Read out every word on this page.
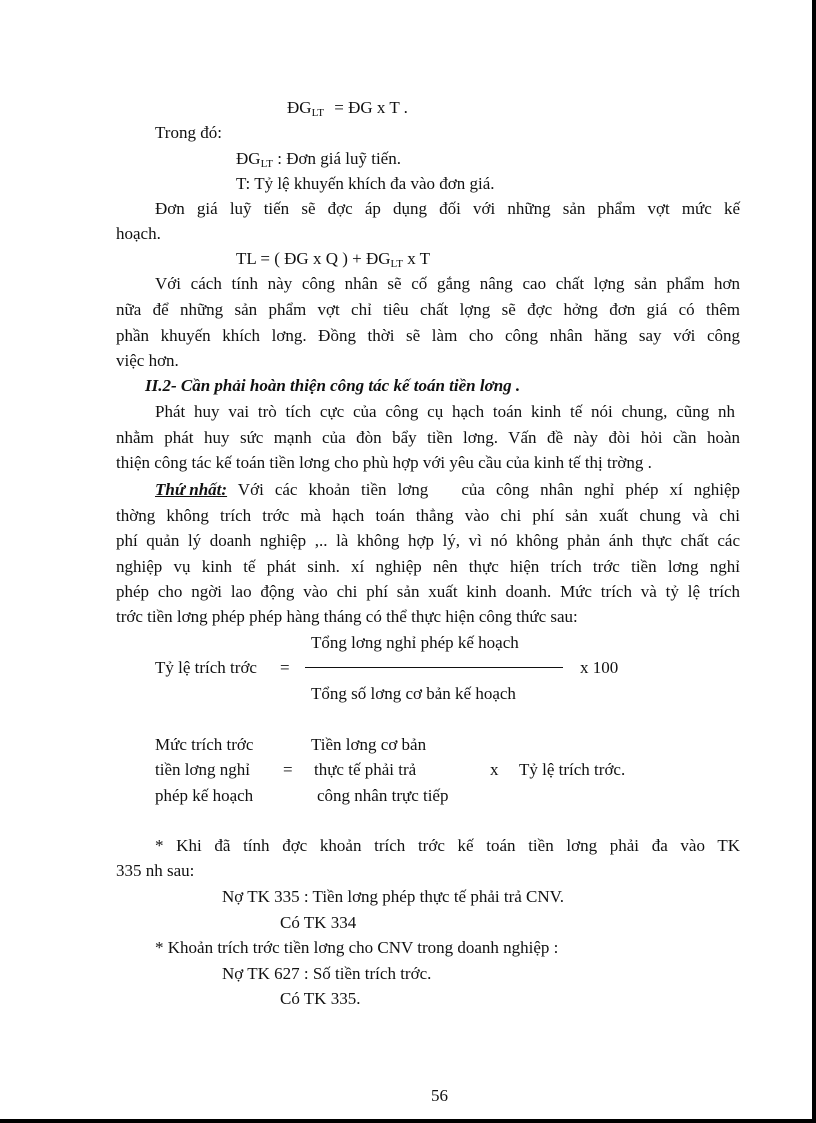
$ĐG_{LT}$ = ĐG x T .
Trong đó:
$ĐG_{LT}$ : Đơn giá luỹ tiến.
T: Tỷ lệ khuyến khích đa vào đơn giá.
Đơn giá luỹ tiến sẽ đợc áp dụng đối với những sản phẩm vợt mức kế
hoạch.
TL = ( ĐG x Q ) + $ĐG_{LT}$ x T
Với cách tính này công nhân sẽ cố gắng nâng cao chất lợng sản phẩm hơn
nữa để những sản phẩm vợt chỉ tiêu chất lợng sẽ đợc hởng đơn giá có thêm
phần khuyến khích lơng. Đồng thời sẽ làm cho công nhân hăng say với công
việc hơn.
II.2- Cần phải hoàn thiện công tác kế toán tiền lơng .
Phát huy vai trò tích cực của công cụ hạch toán kinh tế nói chung, cũng nh
nhằm phát huy sức mạnh của đòn bẩy tiền lơng. Vấn đề này đòi hỏi cần hoàn
thiện công tác kế toán tiền lơng cho phù hợp với yêu cầu của kinh tế thị trờng .
Thứ nhất: Với các khoản tiền lơng   của công nhân nghỉ phép xí nghiệp
thờng không trích trớc mà hạch toán thẳng vào chi phí sản xuất chung và chi
phí quản lý doanh nghiệp ,.. là không hợp lý, vì nó không phản ánh thực chất các
nghiệp vụ kinh tế phát sinh. xí nghiệp nên thực hiện trích trớc tiền lơng nghỉ
phép cho ngời lao động vào chi phí sản xuất kinh doanh. Mức trích và tỷ lệ trích
trớc tiền lơng phép phép hàng tháng có thể thực hiện công thức sau:
Tổng lơng nghỉ phép kế hoạch
Tỷ lệ trích trớc =	x 100
Tổng số lơng cơ bản kế hoạch
Mức trích trớc
tiền lơng nghỉ
phép kế hoạch
=
Tiền lơng cơ bản
thực tế phải trả
công nhân trực tiếp
x Tỷ lệ trích trớc.
* Khi đã tính đợc khoản trích trớc kế toán tiền lơng phải đa vào TK
335 nh sau:
Nợ TK 335 : Tiền lơng phép thực tế phải trả CNV.
Có TK 334
* Khoản trích trớc tiền lơng cho CNV trong doanh nghiệp :
Nợ TK 627 : Số tiền trích trớc.
Có TK 335.
56
